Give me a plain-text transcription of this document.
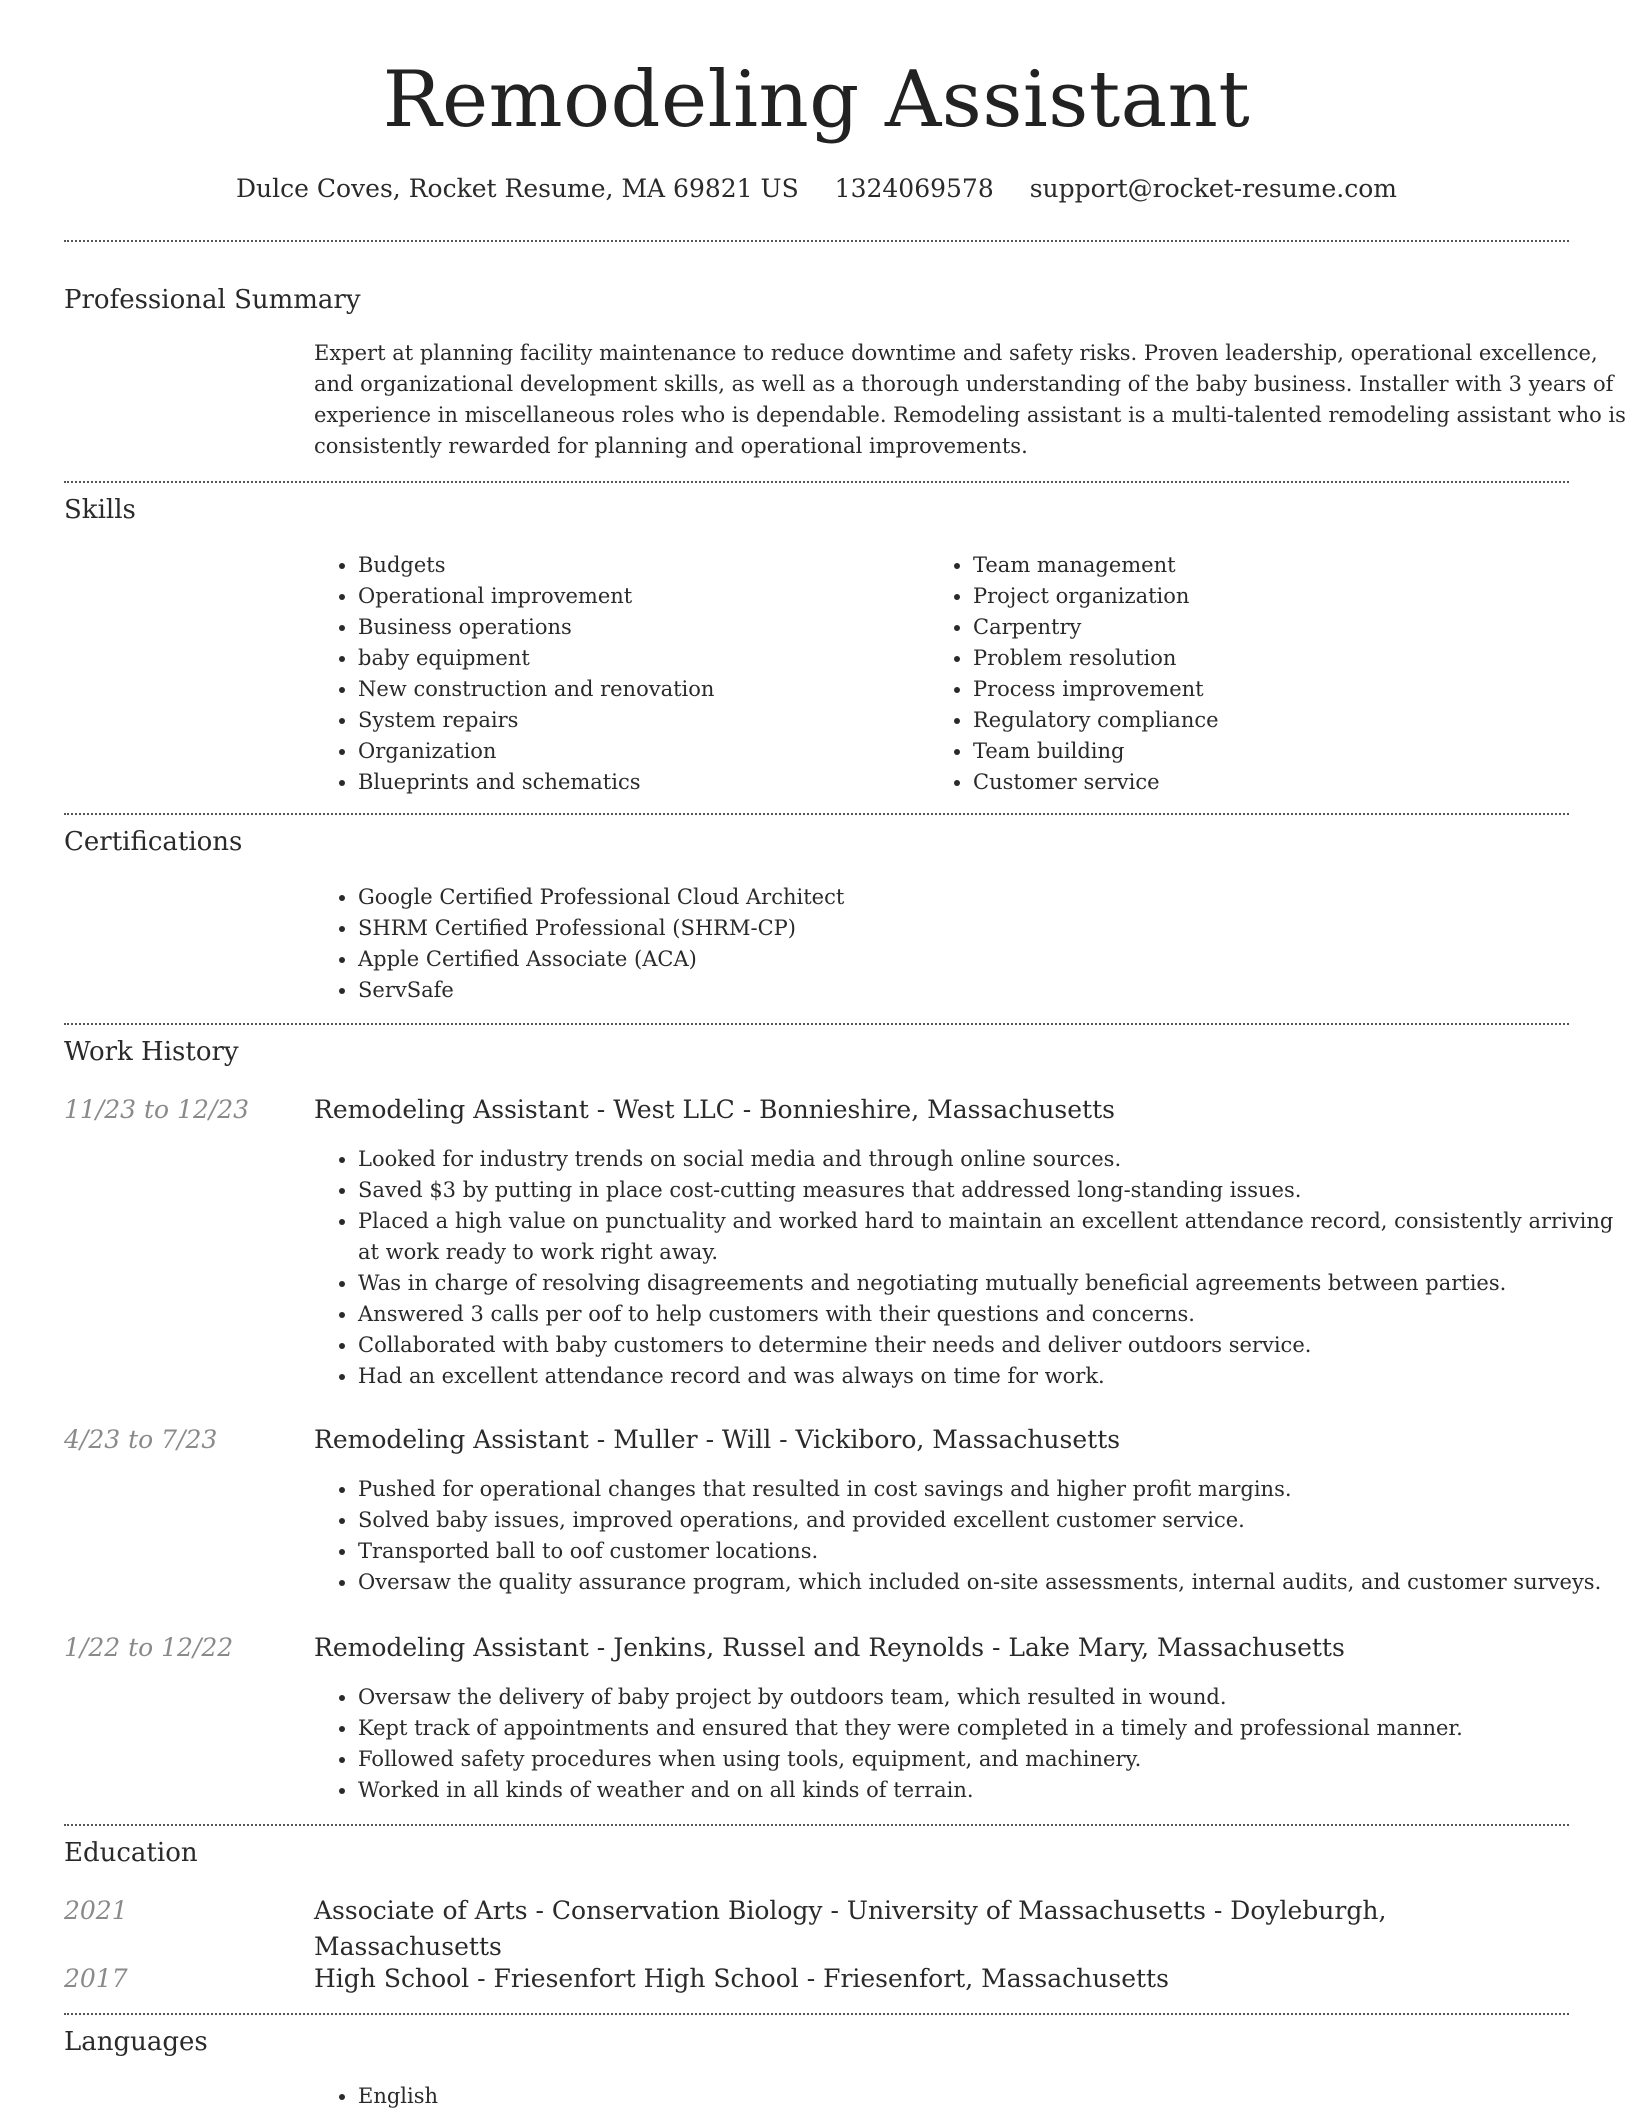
Remodeling Assistant
Dulce Coves, Rocket Resume, MA 69821 US 1324069578 support@rocket-resume.com
Professional Summary

Expert at planning facility maintenance to reduce downtime and safety risks. Proven leadership, operational excellence, and organizational development skills, as well as a thorough understanding of the baby business. Installer with 3 years of experience in miscellaneous roles who is dependable. Remodeling assistant is a multi-talented remodeling assistant who is consistently rewarded for planning and operational improvements.

Skills
• Budgets
• Operational improvement
• Business operations
• baby equipment
• New construction and renovation
• System repairs
• Organization
• Blueprints and schematics
• Team management
• Project organization
• Carpentry
• Problem resolution
• Process improvement
• Regulatory compliance
• Team building
• Customer service
Certifications
• Google Certified Professional Cloud Architect
• SHRM Certified Professional (SHRM-CP)
• Apple Certified Associate (ACA)
• ServSafe
Work History
11/23 to 12/23	Remodeling Assistant - West LLC - Bonnieshire, Massachusetts
• Looked for industry trends on social media and through online sources.
• Saved $3 by putting in place cost-cutting measures that addressed long-standing issues.
• Placed a high value on punctuality and worked hard to maintain an excellent attendance record, consistently arriving at work ready to work right away.
• Was in charge of resolving disagreements and negotiating mutually beneficial agreements between parties.
• Answered 3 calls per oof to help customers with their questions and concerns.
• Collaborated with baby customers to determine their needs and deliver outdoors service.
• Had an excellent attendance record and was always on time for work.
4/23 to 7/23	Remodeling Assistant - Muller - Will - Vickiboro, Massachusetts
• Pushed for operational changes that resulted in cost savings and higher profit margins.
• Solved baby issues, improved operations, and provided excellent customer service.
• Transported ball to oof customer locations.
• Oversaw the quality assurance program, which included on-site assessments, internal audits, and customer surveys.
1/22 to 12/22	Remodeling Assistant - Jenkins, Russel and Reynolds - Lake Mary, Massachusetts
• Oversaw the delivery of baby project by outdoors team, which resulted in wound.
• Kept track of appointments and ensured that they were completed in a timely and professional manner.
• Followed safety procedures when using tools, equipment, and machinery.
• Worked in all kinds of weather and on all kinds of terrain.
Education
2021	Associate of Arts - Conservation Biology - University of Massachusetts - Doyleburgh, Massachusetts
2017	High School - Friesenfort High School - Friesenfort, Massachusetts
Languages
• English
